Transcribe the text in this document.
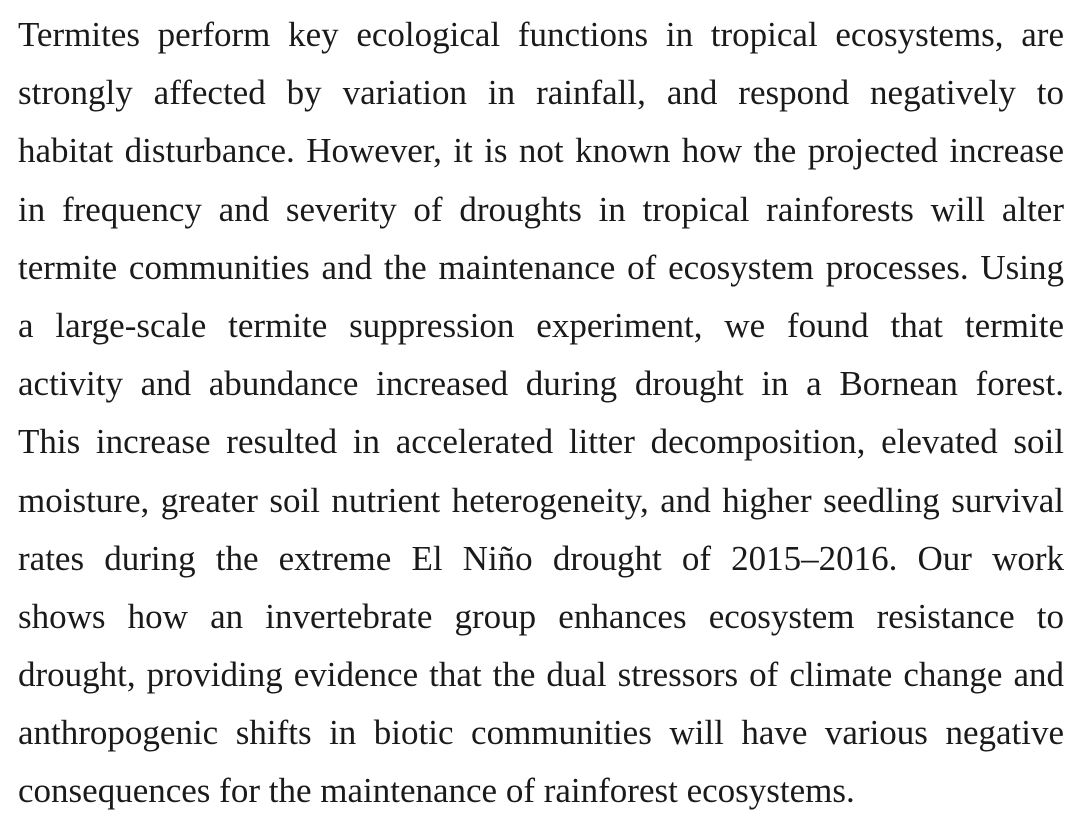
Termites perform key ecological functions in tropical ecosystems, are
strongly affected by variation in rainfall, and respond negatively to
habitat disturbance. However, it is not known how the projected increase
in frequency and severity of droughts in tropical rainforests will alter
termite communities and the maintenance of ecosystem processes. Using
a large-scale termite suppression experiment, we found that termite
activity and abundance increased during drought in a Bornean forest.
This increase resulted in accelerated litter decomposition, elevated soil
moisture, greater soil nutrient heterogeneity, and higher seedling survival
rates during the extreme El Niño drought of 2015–2016. Our work
shows how an invertebrate group enhances ecosystem resistance to
drought, providing evidence that the dual stressors of climate change and
anthropogenic shifts in biotic communities will have various negative
consequences for the maintenance of rainforest ecosystems.
